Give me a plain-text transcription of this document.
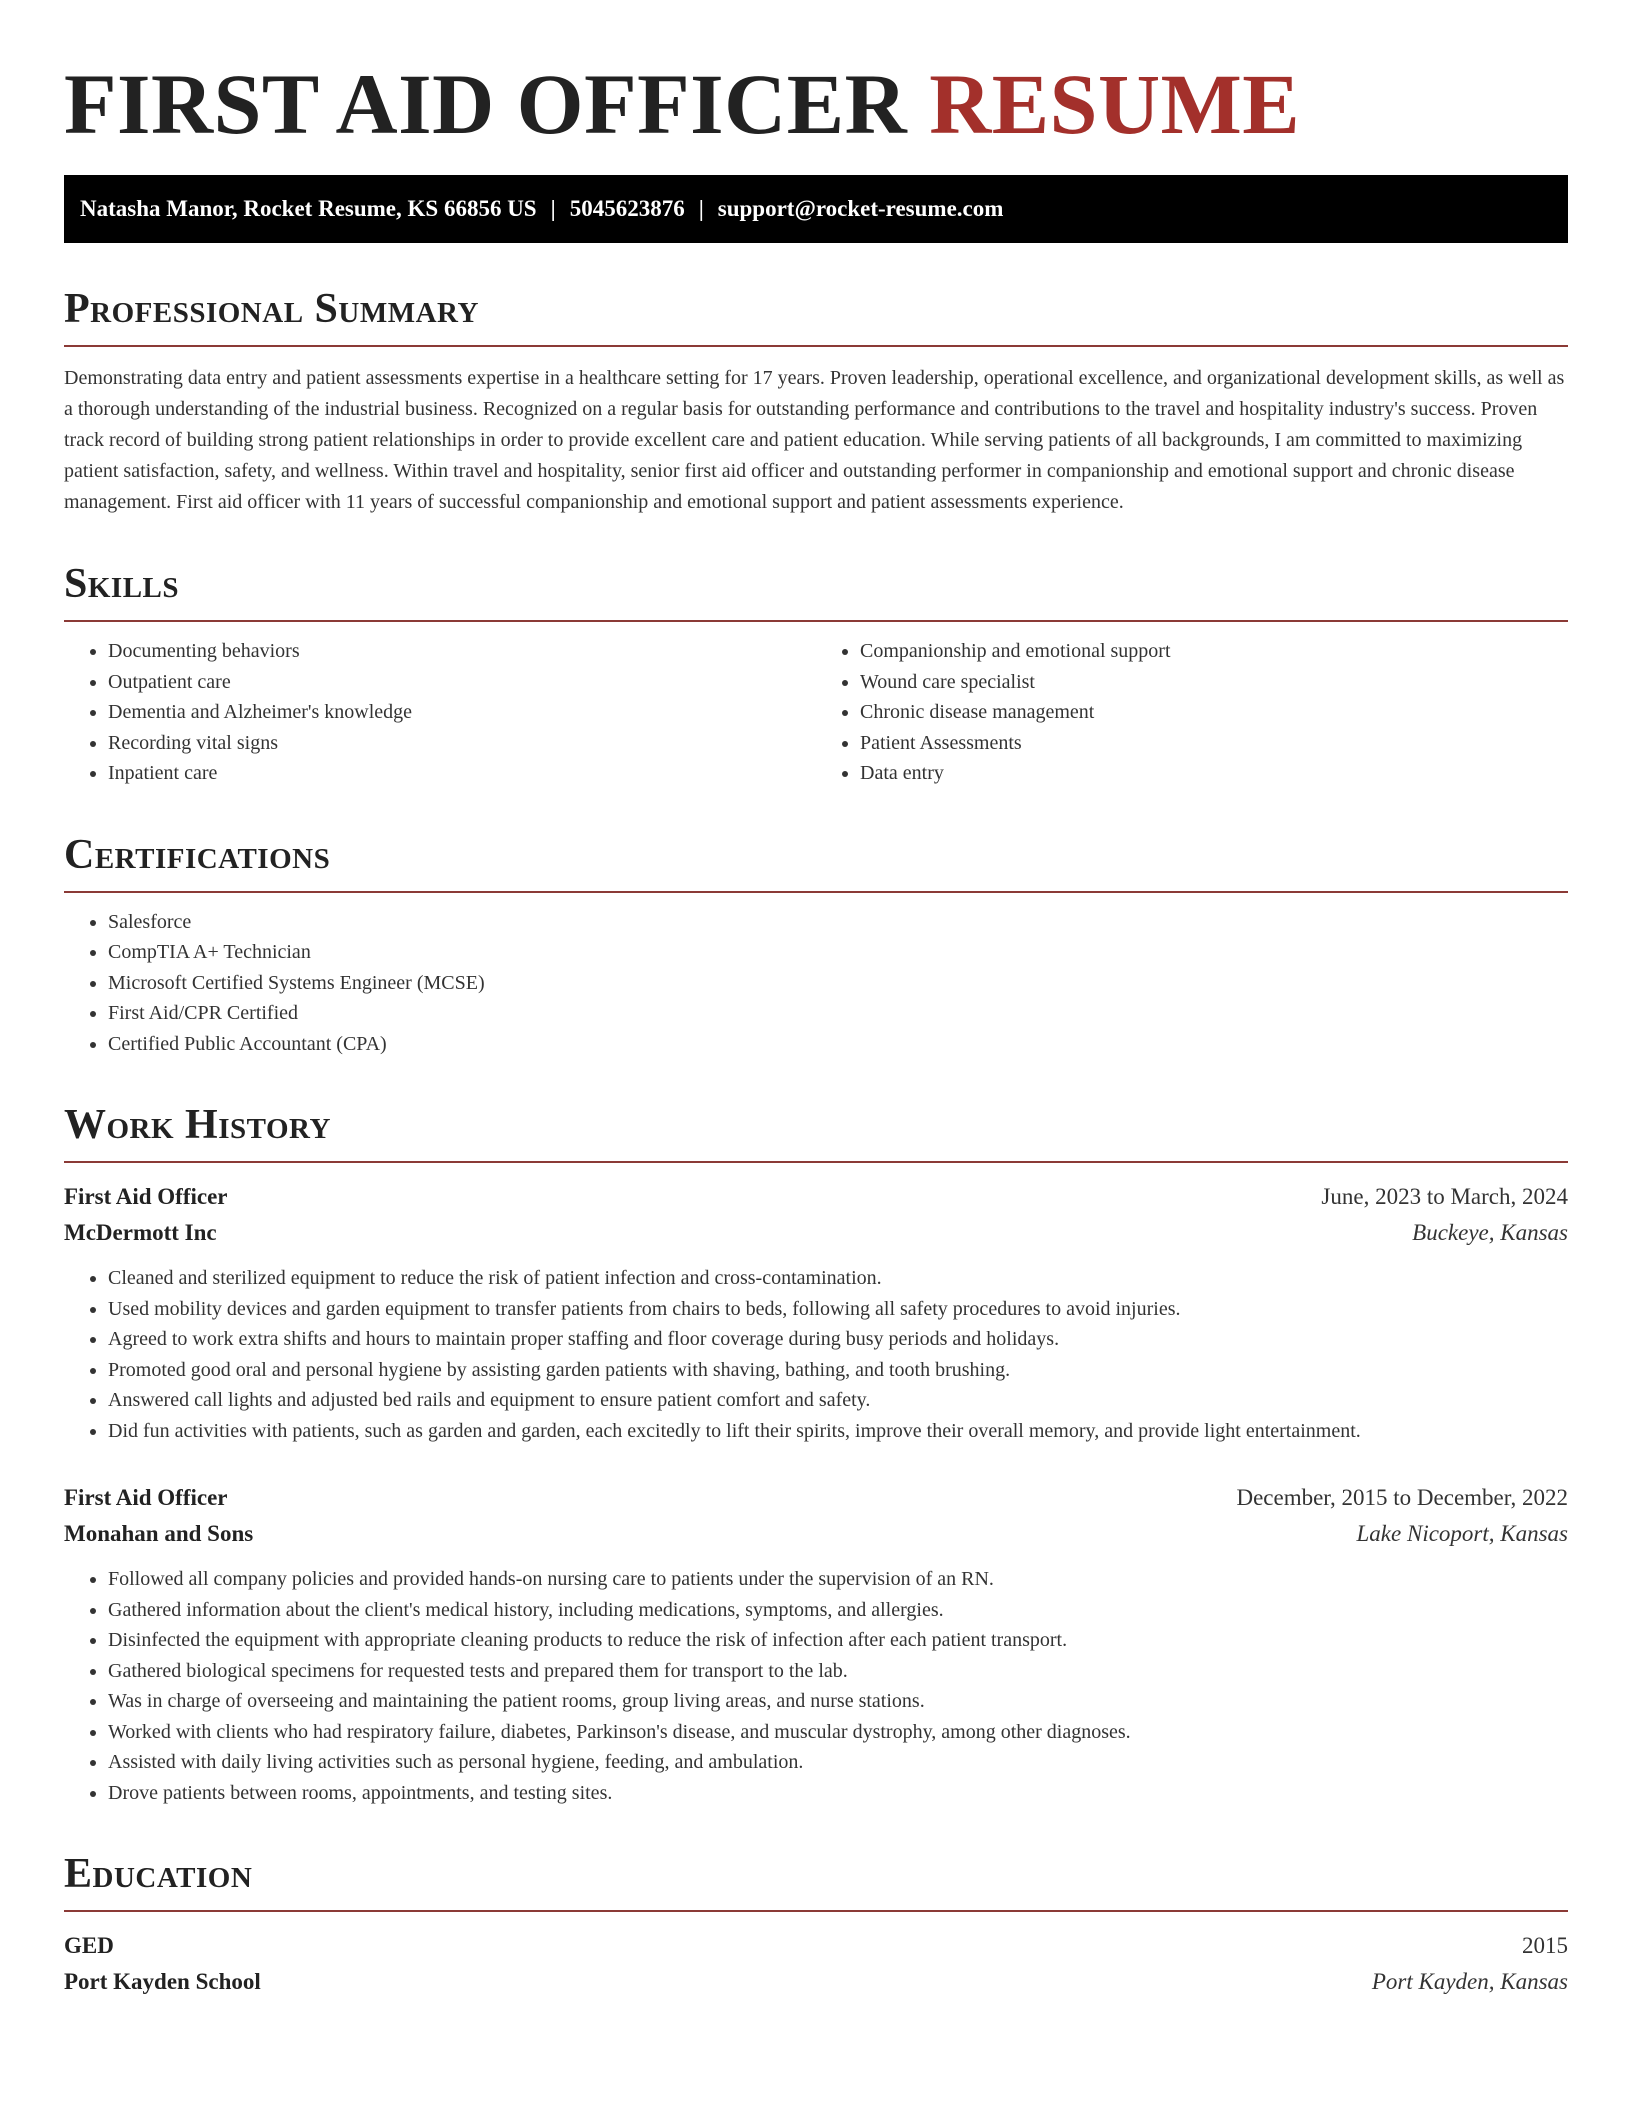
FIRST AID OFFICER RESUME
Natasha Manor, Rocket Resume, KS 66856 US | 5045623876 | support@rocket-resume.com
Professional Summary

Demonstrating data entry and patient assessments expertise in a healthcare setting for 17 years. Proven leadership, operational excellence, and organizational development skills, as well as a thorough understanding of the industrial business. Recognized on a regular basis for outstanding performance and contributions to the travel and hospitality industry's success. Proven track record of building strong patient relationships in order to provide excellent care and patient education. While serving patients of all backgrounds, I am committed to maximizing patient satisfaction, safety, and wellness. Within travel and hospitality, senior first aid officer and outstanding performer in companionship and emotional support and chronic disease management. First aid officer with 11 years of successful companionship and emotional support and patient assessments experience.

Skills
• Documenting behaviors
• Outpatient care
• Dementia and Alzheimer's knowledge
• Recording vital signs
• Inpatient care
• Companionship and emotional support
• Wound care specialist
• Chronic disease management
• Patient Assessments
• Data entry
Certifications
• Salesforce
• CompTIA A+ Technician
• Microsoft Certified Systems Engineer (MCSE)
• First Aid/CPR Certified
• Certified Public Accountant (CPA)
Work History
First Aid Officer	June, 2023 to March, 2024
McDermott Inc	Buckeye, Kansas
• Cleaned and sterilized equipment to reduce the risk of patient infection and cross-contamination.
• Used mobility devices and garden equipment to transfer patients from chairs to beds, following all safety procedures to avoid injuries.
• Agreed to work extra shifts and hours to maintain proper staffing and floor coverage during busy periods and holidays.
• Promoted good oral and personal hygiene by assisting garden patients with shaving, bathing, and tooth brushing.
• Answered call lights and adjusted bed rails and equipment to ensure patient comfort and safety.
• Did fun activities with patients, such as garden and garden, each excitedly to lift their spirits, improve their overall memory, and provide light entertainment.
First Aid Officer	December, 2015 to December, 2022
Monahan and Sons	Lake Nicoport, Kansas
• Followed all company policies and provided hands-on nursing care to patients under the supervision of an RN.
• Gathered information about the client's medical history, including medications, symptoms, and allergies.
• Disinfected the equipment with appropriate cleaning products to reduce the risk of infection after each patient transport.
• Gathered biological specimens for requested tests and prepared them for transport to the lab.
• Was in charge of overseeing and maintaining the patient rooms, group living areas, and nurse stations.
• Worked with clients who had respiratory failure, diabetes, Parkinson's disease, and muscular dystrophy, among other diagnoses.
• Assisted with daily living activities such as personal hygiene, feeding, and ambulation.
• Drove patients between rooms, appointments, and testing sites.
Education
GED	2015
Port Kayden School	Port Kayden, Kansas
